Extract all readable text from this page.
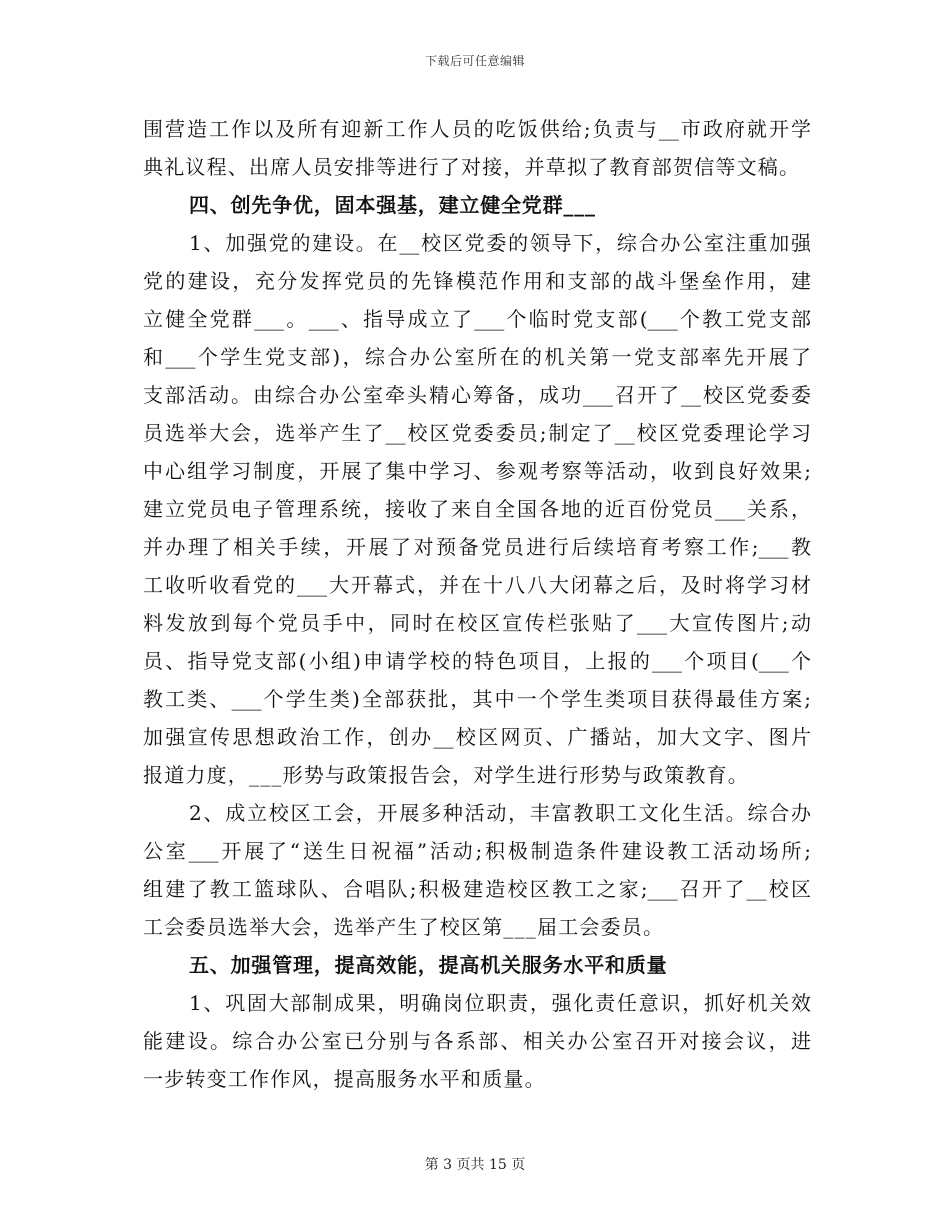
下载后可任意编辑
围营造工作以及所有迎新工作人员的吃饭供给;负责与__市政府就开学
典礼议程、出席人员安排等进行了对接，并草拟了教育部贺信等文稿。
四、创先争优，固本强基，建立健全党群___
1、加强党的建设。在__校区党委的领导下，综合办公室注重加强
党的建设，充分发挥党员的先锋模范作用和支部的战斗堡垒作用，建
立健全党群___。___、指导成立了___个临时党支部(___个教工党支部
和___个学生党支部)，综合办公室所在的机关第一党支部率先开展了
支部活动。由综合办公室牵头精心筹备，成功___召开了__校区党委委
员选举大会，选举产生了__校区党委委员;制定了__校区党委理论学习
中心组学习制度，开展了集中学习、参观考察等活动，收到良好效果;
建立党员电子管理系统，接收了来自全国各地的近百份党员___关系，
并办理了相关手续，开展了对预备党员进行后续培育考察工作;___教
工收听收看党的___大开幕式，并在十八八大闭幕之后，及时将学习材
料发放到每个党员手中，同时在校区宣传栏张贴了___大宣传图片;动
员、指导党支部(小组)申请学校的特色项目，上报的___个项目(___个
教工类、___个学生类)全部获批，其中一个学生类项目获得最佳方案;
加强宣传思想政治工作，创办__校区网页、广播站，加大文字、图片
报道力度，___形势与政策报告会，对学生进行形势与政策教育。
2、成立校区工会，开展多种活动，丰富教职工文化生活。综合办
公室___开展了“送生日祝福”活动;积极制造条件建设教工活动场所;
组建了教工篮球队、合唱队;积极建造校区教工之家;___召开了__校区
工会委员选举大会，选举产生了校区第___届工会委员。
五、加强管理，提高效能，提高机关服务水平和质量
1、巩固大部制成果，明确岗位职责，强化责任意识，抓好机关效
能建设。综合办公室已分别与各系部、相关办公室召开对接会议，进
一步转变工作作风，提高服务水平和质量。
第 3 页共 15 页
